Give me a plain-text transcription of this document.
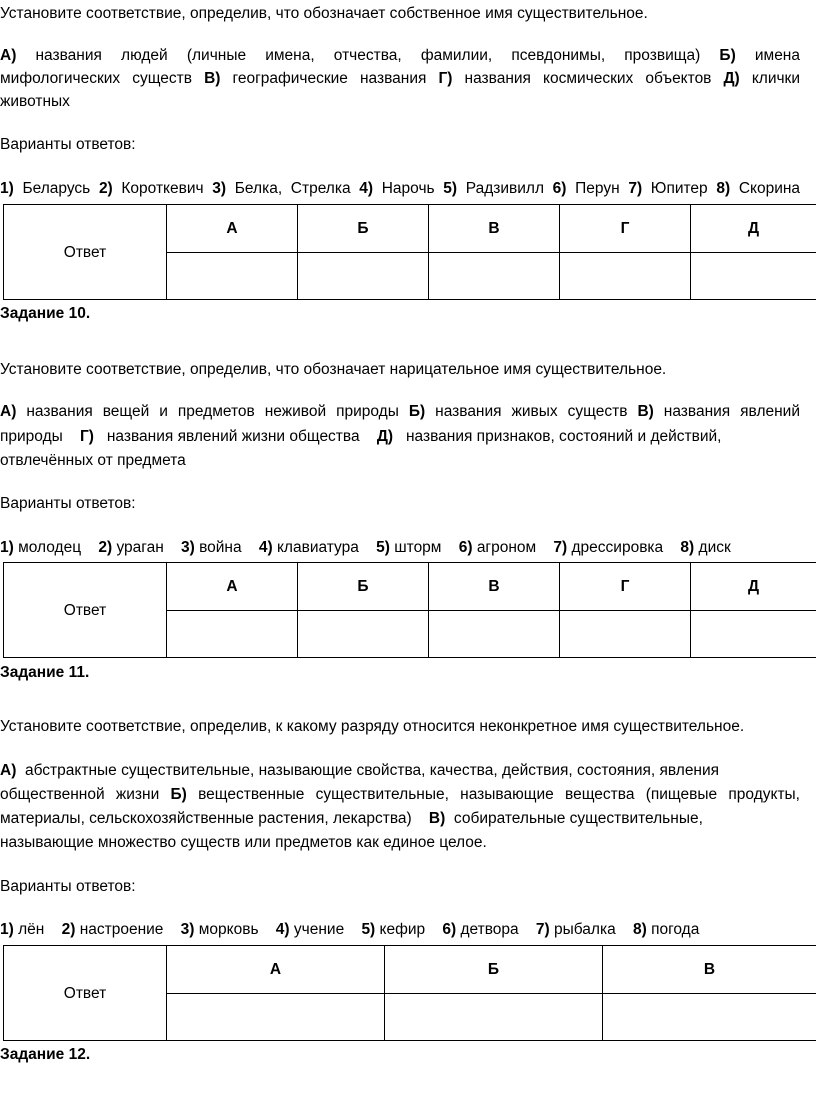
Установите соответствие, определив, что обозначает собственное имя существительное.

А) названия людей (личные имена, отчества, фамилии, псевдонимы, прозвища) Б) имена

мифологических существ В) географические названия Г) названия космических объектов Д) клички

животных

Варианты ответов:

1) Беларусь 2) Короткевич 3) Белка, Стрелка 4) Нарочь 5) Радзивилл 6) Перун 7) Юпитер 8) Скорина

Ответ	А	Б	В	Г	Д

Задание 10.

Установите соответствие, определив, что обозначает нарицательное имя существительное.

А) названия вещей и предметов неживой природы Б) названия живых существ В) названия явлений

природы Г) названия явлений жизни общества Д) названия признаков, состояний и действий,

отвлечённых от предмета

Варианты ответов:

1) молодец 2) ураган 3) война 4) клавиатура 5) шторм 6) агроном 7) дрессировка 8) диск

Ответ	А	Б	В	Г	Д

Задание 11.

Установите соответствие, определив, к какому разряду относится неконкретное имя существительное.

А) абстрактные существительные, называющие свойства, качества, действия, состояния, явления

общественной жизни Б) вещественные существительные, называющие вещества (пищевые продукты,

материалы, сельскохозяйственные растения, лекарства) В) собирательные существительные,

называющие множество существ или предметов как единое целое.

Варианты ответов:

1) лён 2) настроение 3) морковь 4) учение 5) кефир 6) детвора 7) рыбалка 8) погода

Ответ	А	Б	В

Задание 12.
